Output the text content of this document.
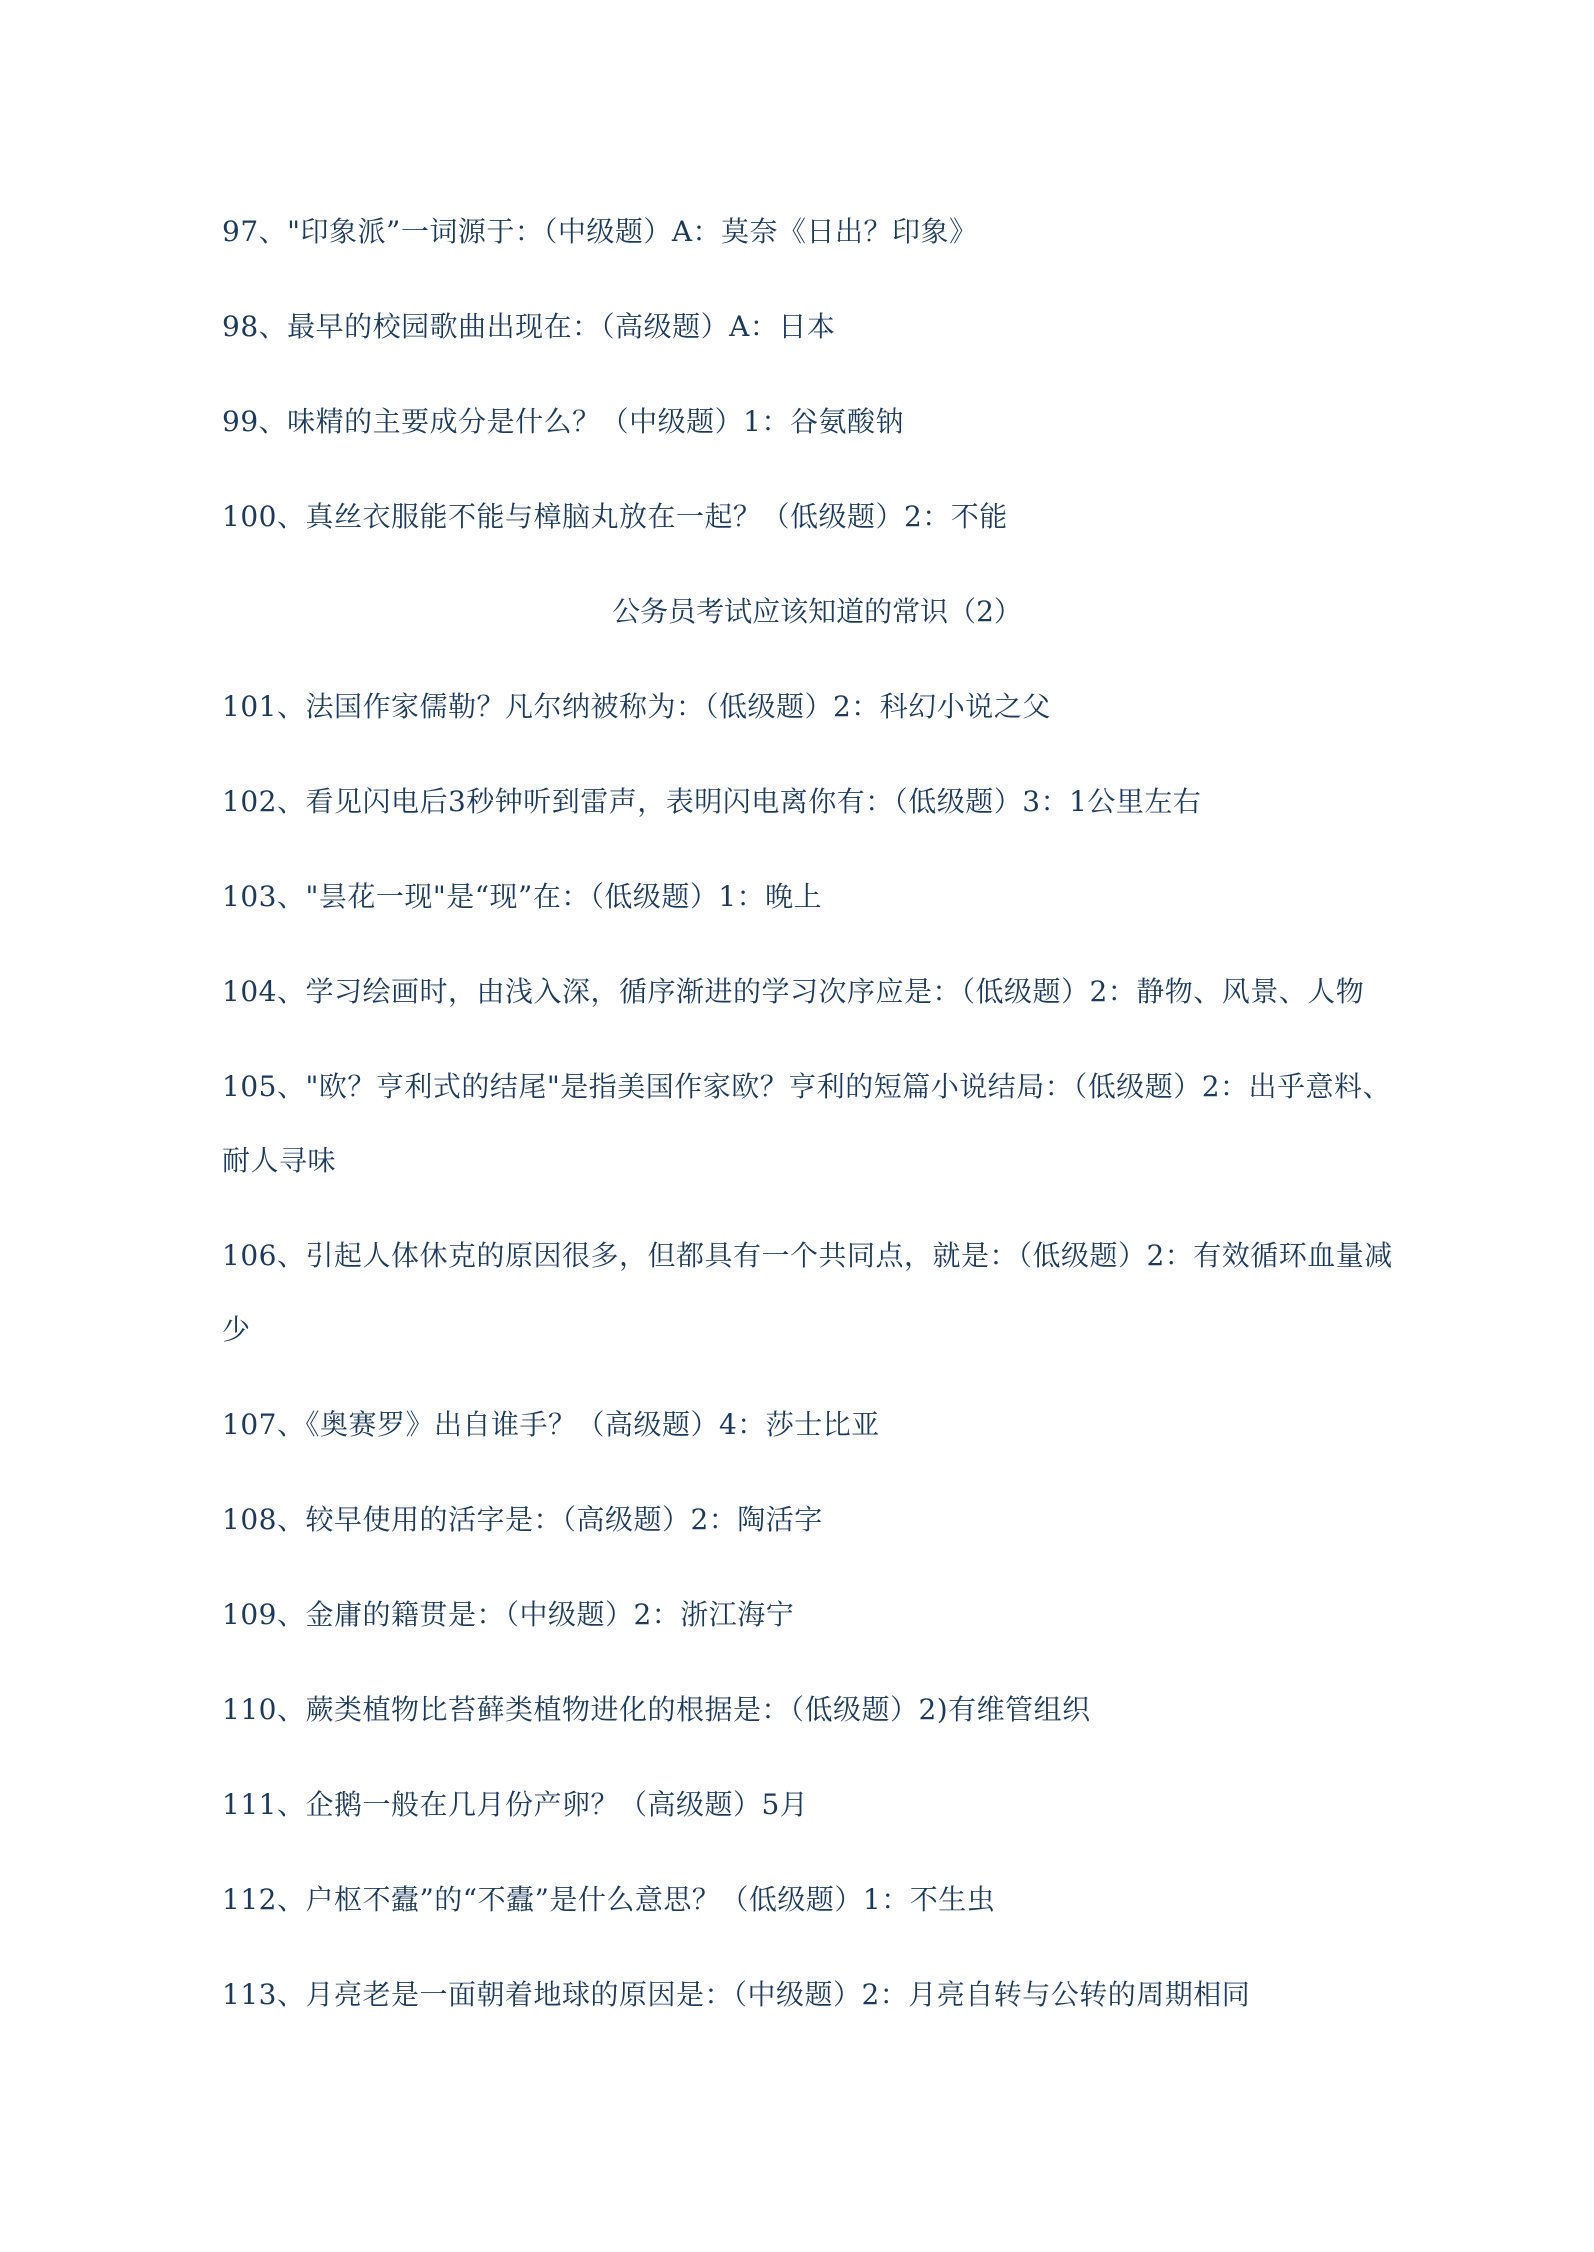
97、"印象派”一词源于：（中级题）A：莫奈《日出？印象》
98、最早的校园歌曲出现在：（高级题）A：日本
99、味精的主要成分是什么？（中级题）1：谷氨酸钠
100、真丝衣服能不能与樟脑丸放在一起？（低级题）2：不能
公务员考试应该知道的常识（2）
101、法国作家儒勒？凡尔纳被称为：（低级题）2：科幻小说之父
102、看见闪电后3秒钟听到雷声，表明闪电离你有：（低级题）3：1公里左右
103、"昙花一现"是“现”在：（低级题）1：晚上
104、学习绘画时，由浅入深，循序渐进的学习次序应是：（低级题）2：静物、风景、人物
105、"欧？亨利式的结尾"是指美国作家欧？亨利的短篇小说结局：（低级题）2：出乎意料、
耐人寻味
106、引起人体休克的原因很多，但都具有一个共同点，就是：（低级题）2：有效循环血量减
少
107、《奥赛罗》出自谁手？（高级题）4：莎士比亚
108、较早使用的活字是：（高级题）2：陶活字
109、金庸的籍贯是：（中级题）2：浙江海宁
110、蕨类植物比苔藓类植物进化的根据是：（低级题）2)有维管组织
111、企鹅一般在几月份产卵？（高级题）5月
112、户枢不蠹”的“不蠹”是什么意思？（低级题）1：不生虫
113、月亮老是一面朝着地球的原因是：（中级题）2：月亮自转与公转的周期相同
